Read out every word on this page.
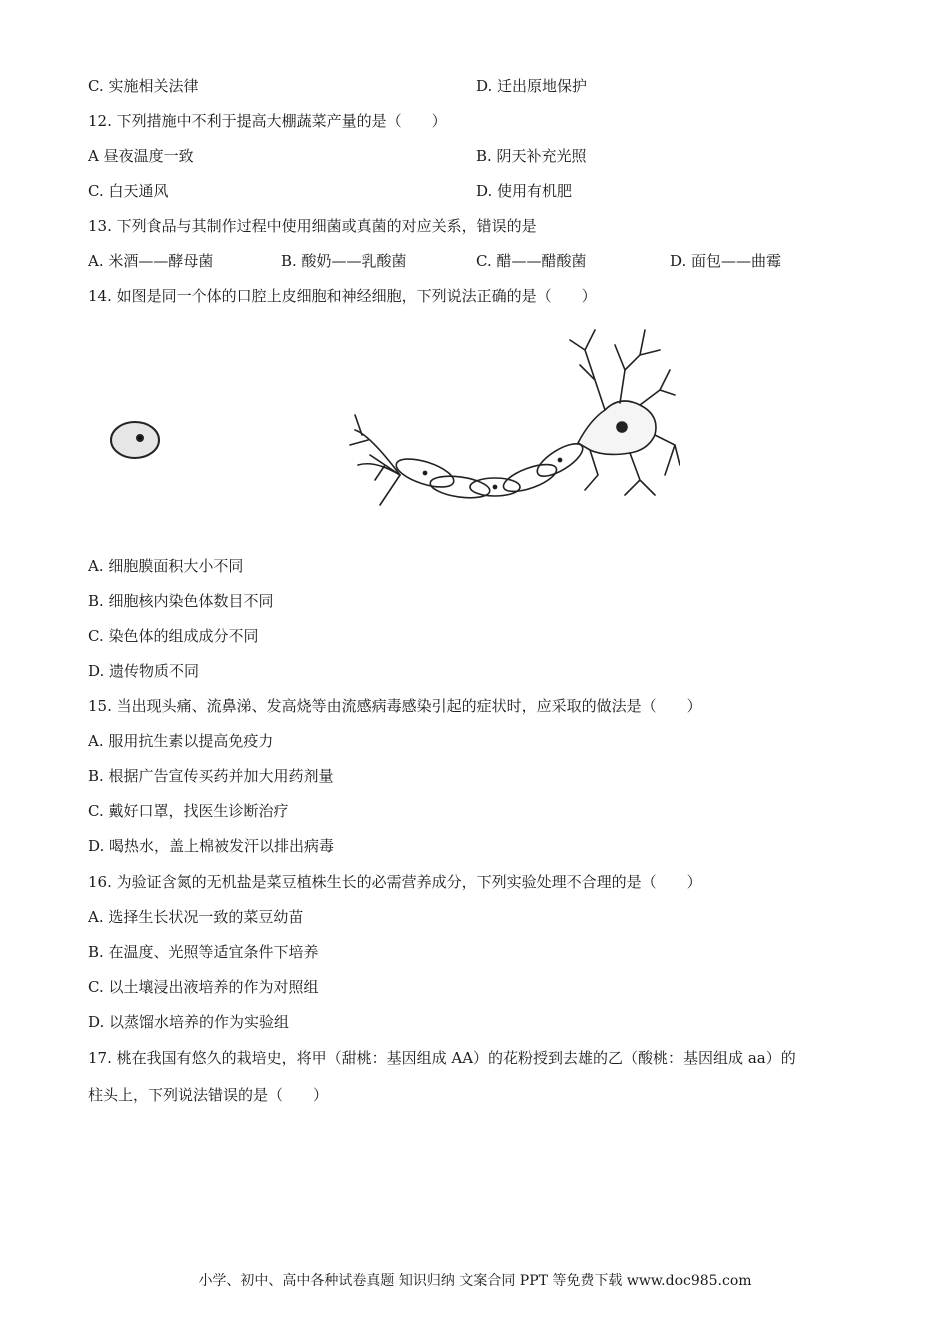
C. 实施相关法律	D. 迁出原地保护
12. 下列措施中不利于提高大棚蔬菜产量的是（　　）
A 昼夜温度一致	B. 阴天补充光照
C. 白天通风	D. 使用有机肥
13. 下列食品与其制作过程中使用细菌或真菌的对应关系，错误的是
A. 米酒——酵母菌	B. 酸奶——乳酸菌	C. 醋——醋酸菌	D. 面包——曲霉
14. 如图是同一个体的口腔上皮细胞和神经细胞，下列说法正确的是（　　）
A. 细胞膜面积大小不同
B. 细胞核内染色体数目不同
C. 染色体的组成成分不同
D. 遗传物质不同
15. 当出现头痛、流鼻涕、发高烧等由流感病毒感染引起的症状时，应采取的做法是（　　）
A. 服用抗生素以提高免疫力
B. 根据广告宣传买药并加大用药剂量
C. 戴好口罩，找医生诊断治疗
D. 喝热水，盖上棉被发汗以排出病毒
16. 为验证含氮的无机盐是菜豆植株生长的必需营养成分，下列实验处理不合理的是（　　）
A. 选择生长状况一致的菜豆幼苗
B. 在温度、光照等适宜条件下培养
C. 以土壤浸出液培养的作为对照组
D. 以蒸馏水培养的作为实验组
17. 桃在我国有悠久的栽培史，将甲（甜桃：基因组成 AA）的花粉授到去雄的乙（酸桃：基因组成 aa）的
柱头上，下列说法错误的是（　　）
小学、初中、高中各种试卷真题 知识归纳 文案合同 PPT 等免费下载 www.doc985.com
